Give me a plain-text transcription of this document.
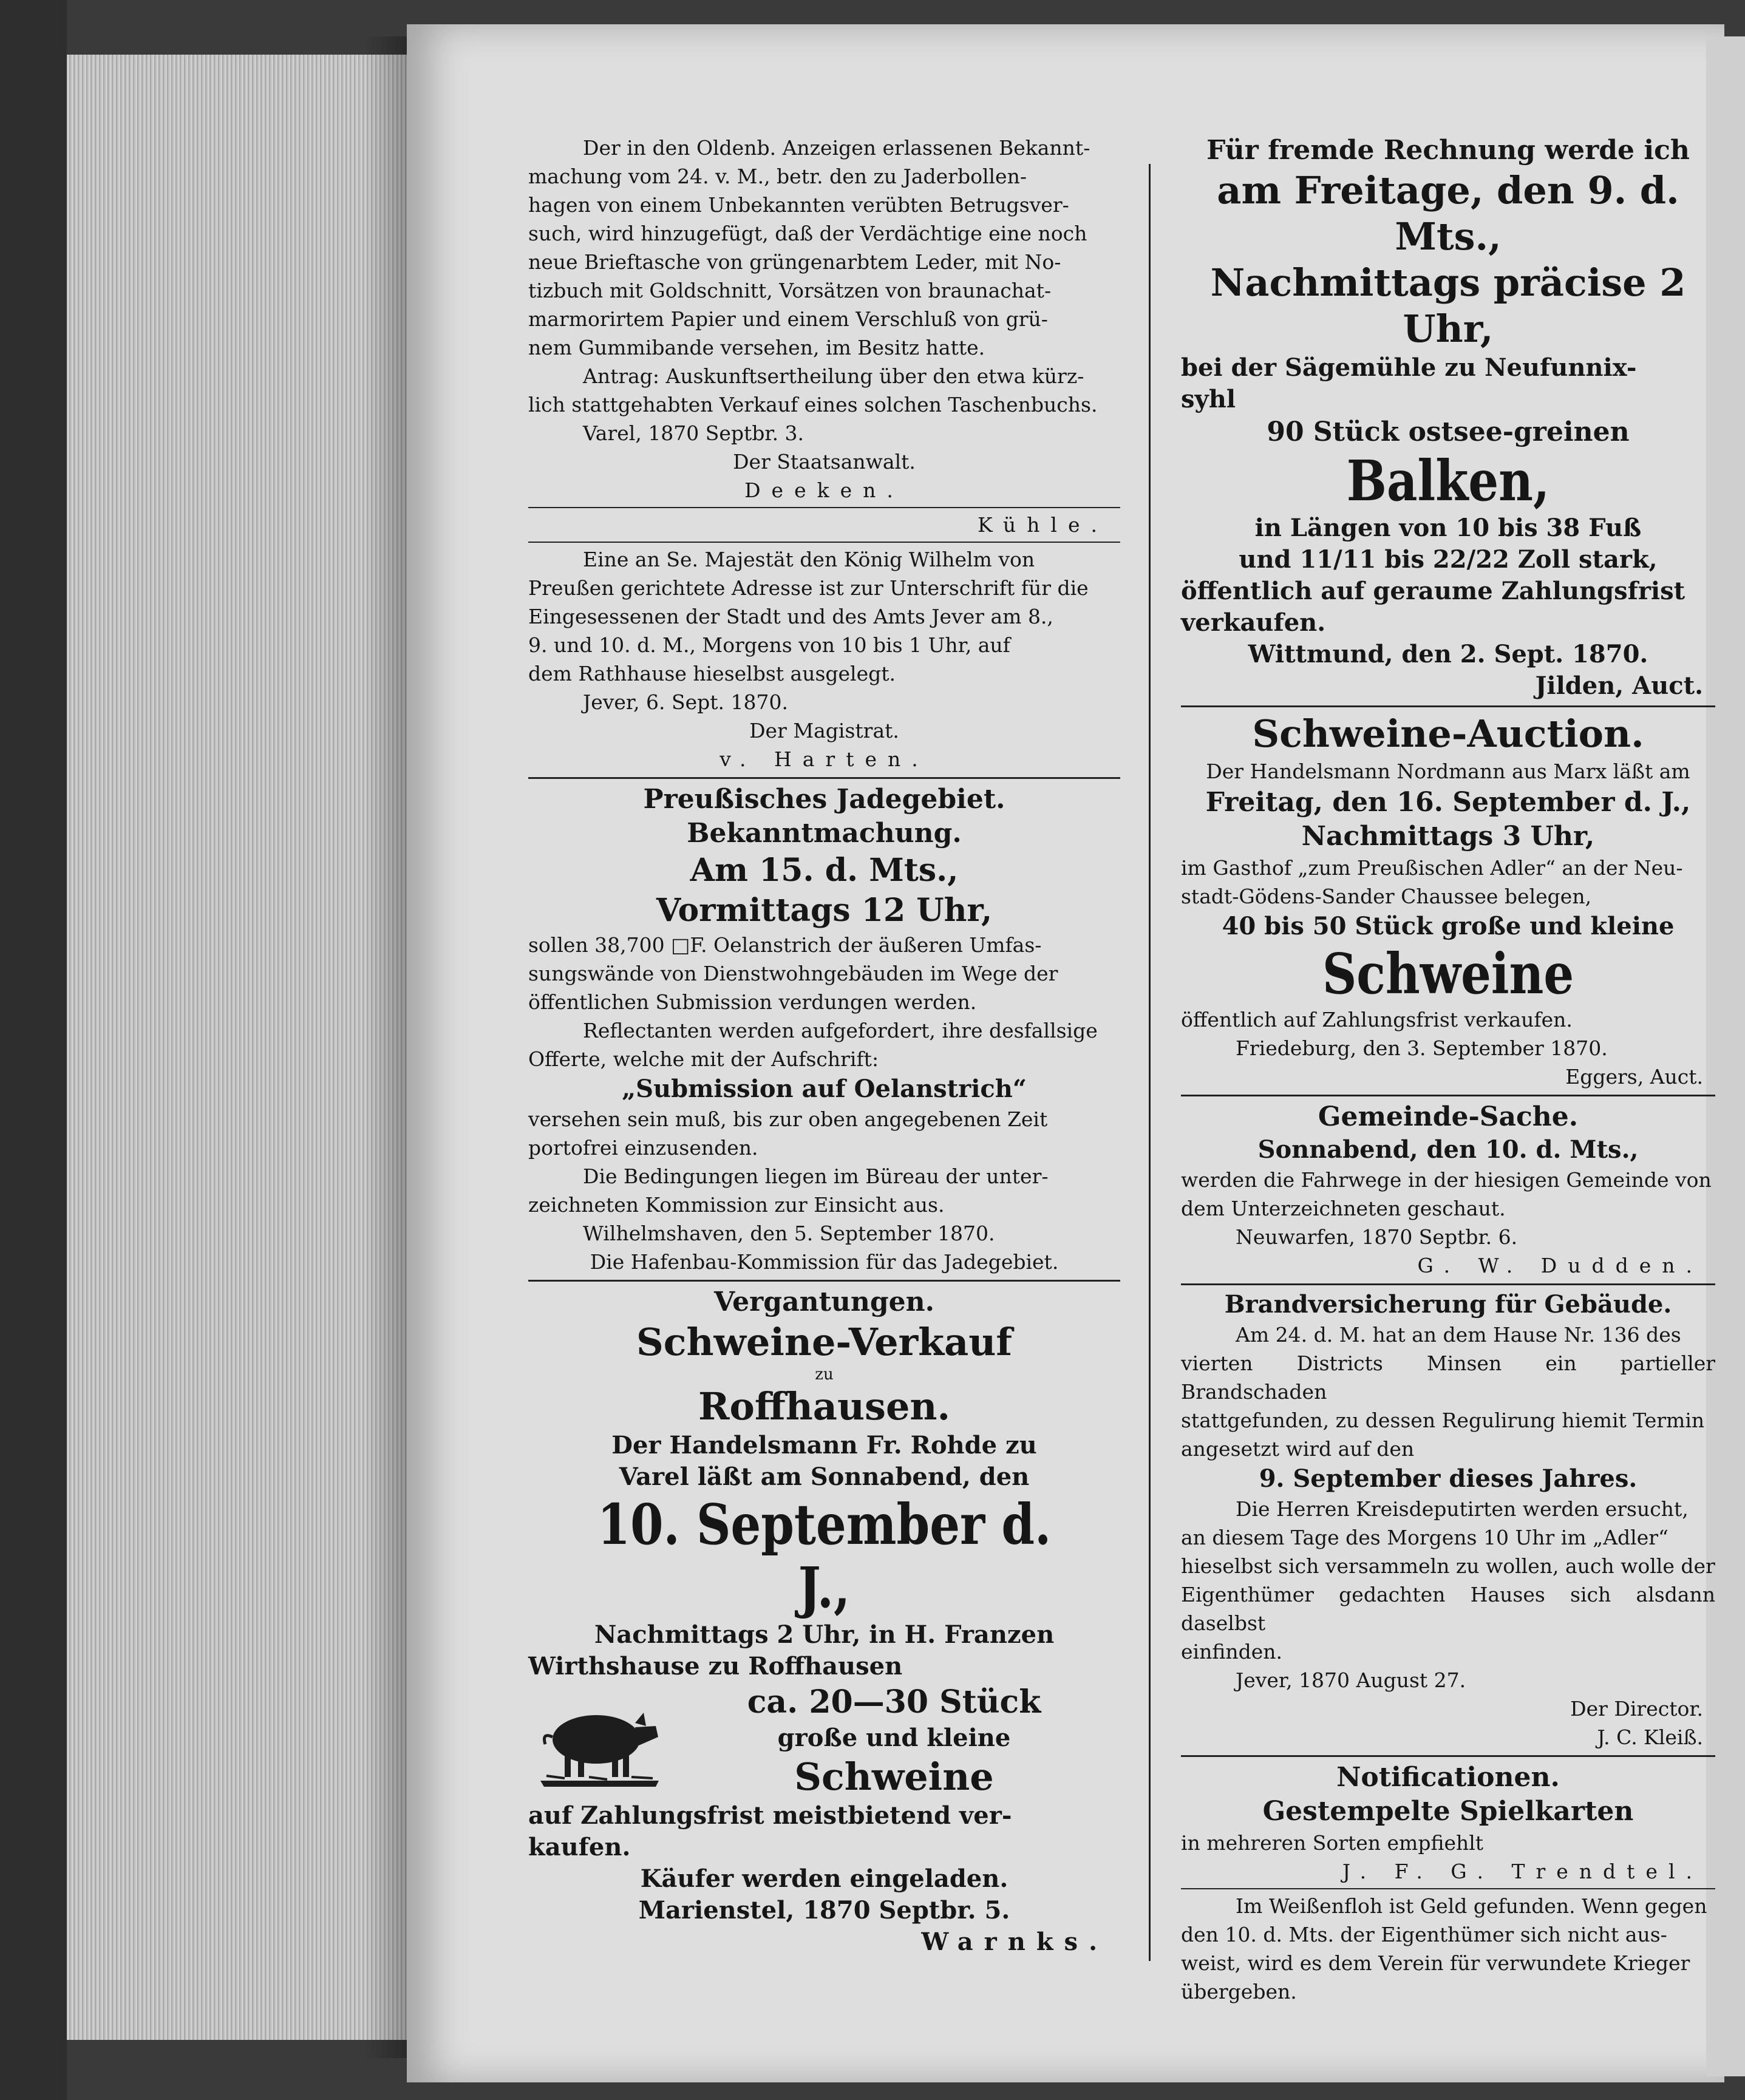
Der in den Oldenb. Anzeigen erlassenen Bekannt-

machung vom 24. v. M., betr. den zu Jaderbollen-

hagen von einem Unbekannten verübten Betrugsver-

such, wird hinzugefügt, daß der Verdächtige eine noch

neue Brieftasche von grüngenarbtem Leder, mit No-

tizbuch mit Goldschnitt, Vorsätzen von braunachat-

marmorirtem Papier und einem Verschluß von grü-

nem Gummibande versehen, im Besitz hatte.

Antrag: Auskunftsertheilung über den etwa kürz-

lich stattgehabten Verkauf eines solchen Taschenbuchs.

Varel, 1870 Septbr. 3.

Der Staatsanwalt.

Deeken.

Kühle.

Eine an Se. Majestät den König Wilhelm von

Preußen gerichtete Adresse ist zur Unterschrift für die

Eingesessenen der Stadt und des Amts Jever am 8.,

9. und 10. d. M., Morgens von 10 bis 1 Uhr, auf

dem Rathhause hieselbst ausgelegt.

Jever, 6. Sept. 1870.

Der Magistrat.

v. Harten.

Preußisches Jadegebiet.

Bekanntmachung.

Am 15. d. Mts.,

Vormittags 12 Uhr,

sollen 38,700 □F. Oelanstrich der äußeren Umfas-

sungswände von Dienstwohngebäuden im Wege der

öffentlichen Submission verdungen werden.

Reflectanten werden aufgefordert, ihre desfallsige

Offerte, welche mit der Aufschrift:

„Submission auf Oelanstrich“

versehen sein muß, bis zur oben angegebenen Zeit

portofrei einzusenden.

Die Bedingungen liegen im Büreau der unter-

zeichneten Kommission zur Einsicht aus.

Wilhelmshaven, den 5. September 1870.

Die Hafenbau-Kommission für das Jadegebiet.

Vergantungen.

Schweine-Verkauf

zu

Roffhausen.

Der Handelsmann Fr. Rohde zu

Varel läßt am Sonnabend, den

10. September d. J.,

Nachmittags 2 Uhr, in H. Franzen

Wirthshause zu Roffhausen

ca. 20—30 Stück

große und kleine

Schweine

auf Zahlungsfrist meistbietend ver-

kaufen.

Käufer werden eingeladen.

Marienstel, 1870 Septbr. 5.

Warnks.

Für fremde Rechnung werde ich

am Freitage, den 9. d. Mts.,

Nachmittags präcise 2 Uhr,

bei der Sägemühle zu Neufunnix-

syhl

90 Stück ostsee-greinen

Balken,

in Längen von 10 bis 38 Fuß

und 11/11 bis 22/22 Zoll stark,

öffentlich auf geraume Zahlungsfrist

verkaufen.

Wittmund, den 2. Sept. 1870.

Jilden, Auct.

Schweine-Auction.

Der Handelsmann Nordmann aus Marx läßt am

Freitag, den 16. September d. J.,

Nachmittags 3 Uhr,

im Gasthof „zum Preußischen Adler“ an der Neu-

stadt-Gödens-Sander Chaussee belegen,

40 bis 50 Stück große und kleine

Schweine

öffentlich auf Zahlungsfrist verkaufen.

Friedeburg, den 3. September 1870.

Eggers, Auct.

Gemeinde-Sache.

Sonnabend, den 10. d. Mts.,

werden die Fahrwege in der hiesigen Gemeinde von

dem Unterzeichneten geschaut.

Neuwarfen, 1870 Septbr. 6.

G. W. Dudden.

Brandversicherung für Gebäude.

Am 24. d. M. hat an dem Hause Nr. 136 des

vierten Districts Minsen ein partieller Brandschaden

stattgefunden, zu dessen Regulirung hiemit Termin

angesetzt wird auf den

9. September dieses Jahres.

Die Herren Kreisdeputirten werden ersucht,

an diesem Tage des Morgens 10 Uhr im „Adler“

hieselbst sich versammeln zu wollen, auch wolle der

Eigenthümer gedachten Hauses sich alsdann daselbst

einfinden.

Jever, 1870 August 27.

Der Director.

J. C. Kleiß.

Notificationen.

Gestempelte Spielkarten

in mehreren Sorten empfiehlt

J. F. G. Trendtel.

Im Weißenfloh ist Geld gefunden. Wenn gegen

den 10. d. Mts. der Eigenthümer sich nicht aus-

weist, wird es dem Verein für verwundete Krieger

übergeben.
